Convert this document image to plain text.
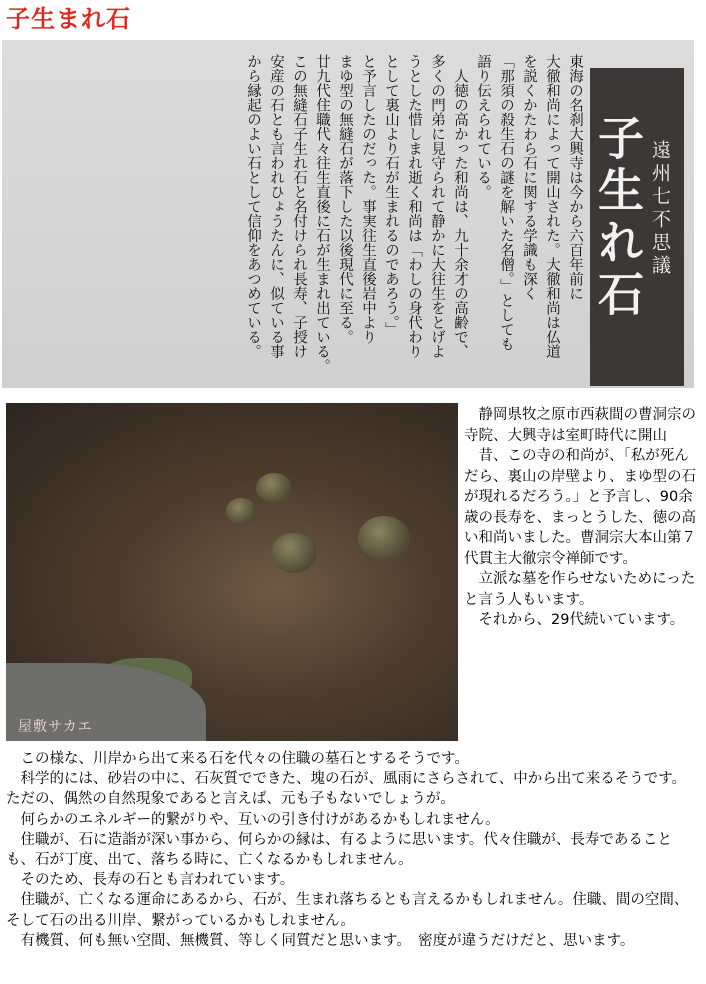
子生まれ石
東海の名刹大興寺は今から六百年前に
大徹和尚によって開山された。大徹和尚は仏道
を説くかたわら石に関する学識も深く
「那須の殺生石の謎を解いた名僧。」としても
語り伝えられている。
　人徳の高かった和尚は、九十余才の高齢で、
多くの門弟に見守られて静かに大往生をとげよ
うとした惜しまれ逝く和尚は「わしの身代わり
として裏山より石が生まれるのであろう。」
と予言したのだった。事実往生直後岩中より
まゆ型の無縫石が落下した以後現代に至る。
廿九代住職代々往生直後に石が生まれ出ている。
この無縫石子生れ石と名付けられ長寿、子授け
安産の石とも言われひょうたんに、似ている事
から縁起のよい石として信仰をあつめている。	遠州七不思議
子生れ石
屋敷サカエ

　静岡県牧之原市西萩間の曹洞宗の寺院、大興寺は室町時代に開山

　昔、この寺の和尚が、「私が死んだら、裏山の岸壁より、まゆ型の石が現れるだろう。」と予言し、90余歳の長寿を、まっとうした、徳の高い和尚いました。曹洞宗大本山第７代貫主大徹宗令禅師です。

　立派な墓を作らせないためにったと言う人もいます。

　それから、29代続いています。

　この様な、川岸から出て来る石を代々の住職の墓石とするそうです。

　科学的には、砂岩の中に、石灰質でできた、塊の石が、風雨にさらされて、中から出て来るそうです。ただの、偶然の自然現象であると言えば、元も子もないでしょうが。

　何らかのエネルギー的繋がりや、互いの引き付けがあるかもしれません。

　住職が、石に造詣が深い事から、何らかの縁は、有るように思います。代々住職が、長寿であることも、石が丁度、出て、落ちる時に、亡くなるかもしれません。

　そのため、長寿の石とも言われています。

　住職が、亡くなる運命にあるから、石が、生まれ落ちるとも言えるかもしれません。住職、間の空間、そして石の出る川岸、繋がっているかもしれません。

　有機質、何も無い空間、無機質、等しく同質だと思います。　密度が違うだけだと、思います。
